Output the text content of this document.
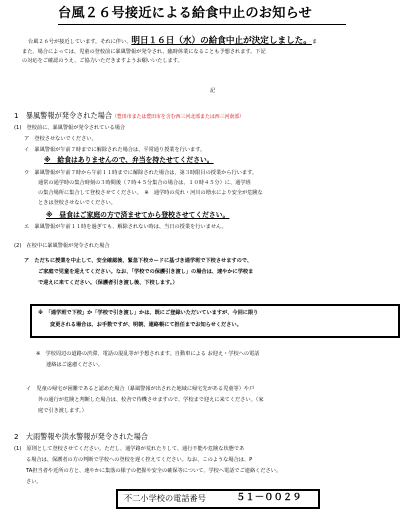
台風２６号接近による給食中止のお知らせ
台風２６号が接近しています。それに伴い、明日１６日（水）の給食中止が決定しました。ま
また、場合によっては、児童の登校前に暴風警報が発令され、臨時休業になることも予想されます。下記
の対応をご確認のうえ、ご協力いただきますようお願いいたします。
記
1　暴風警報が発令された場合（豊田市または豊田市を含む西三河北部または西三河南部）
(1)　登校前に、暴風警報が発令されている場合
ア　登校させないでください。
イ　暴風警報が午前７時までに解除された場合は、平常通り授業を行います。
※　給食はありませんので、弁当を持たせてください。
ウ　暴風警報が午前７時から午前１１時までに解除された場合は、第３時限目の授業から行います。
通常の通学時の集合時刻の３時間後（７時４５分集合の場合は、１０時４５分）に、通学班
の集合場所に集合して登校させてください。　※　通学時の荒れ・河川の増水により安全が危険な
ときは登校させないでください。
※　昼食はご家庭の方で済ませてから登校させてください。
エ　暴風警報が午前１１時を過ぎても、解除されない時は、当日の授業を行いません。
(2)　在校中に暴風警報が発令された場合
ア　ただちに授業を中止して、安全確認後、緊急下校カードに基づき通学班で下校させますので、
ご家庭で児童を迎えてください。なお、「学校での保護引き渡し」の場合は、速やかに学校ま
で迎えに来てください。（保護者引き渡し後、下校します。）
※　「通学班で下校」か「学校で引き渡し」かは、既にご登録いただいていますが、今回に限り
変更される場合は、お手数ですが、明朝、連絡帳にて担任までお知らせください。
※　学校周辺の道路の渋滞、電話の混乱等が予想されます。自動車による お迎え・学校への電話
連絡はご遠慮ください。
イ　児童の帰宅が困難であると認めた場合（暴風警報が出された地域に帰宅先がある児童等）や戸
外の通行が危険と判断した場合は、校舎で待機させますので、学校まで迎えに来てください。（家
庭で引き渡します。）
2　大雨警報や洪水警報が発令された場合
(1)　原則として登校させてください。ただし、通学路が荒れたりして、通行不能や危険な状態であ
る場合は、保護者の方の判断で学校への登校を遅く控えてください。なお、このような場合は、P
TA担当者や近所の方と、速やかに集落の様子の把握や安全の確保等について、学校へ電話でご連絡ください。
さい。
不二小学校の電話番号	５１－００２９
